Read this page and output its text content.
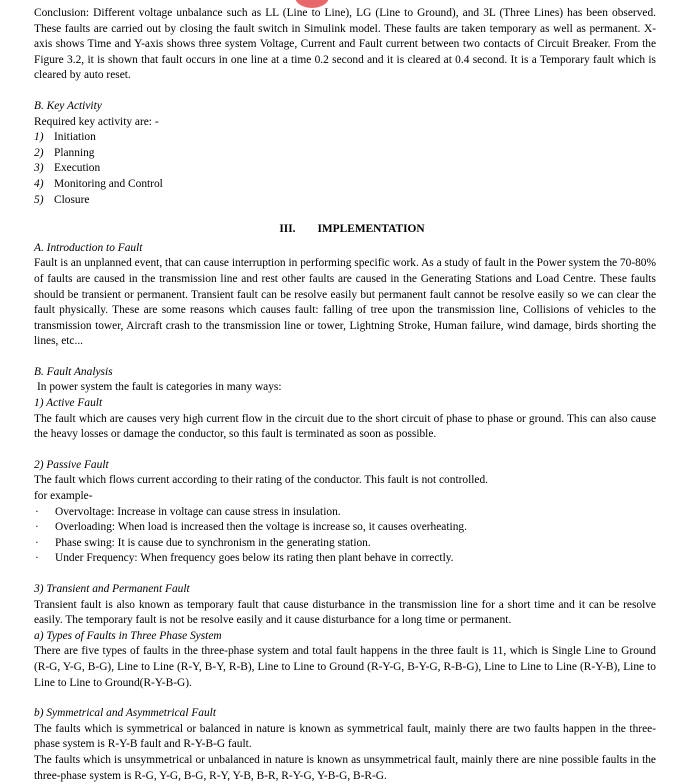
Conclusion: Different voltage unbalance such as LL (Line to Line), LG (Line to Ground), and 3L (Three Lines) has been observed. These faults are carried out by closing the fault switch in Simulink model. These faults are taken temporary as well as permanent. X-axis shows Time and Y-axis shows three system Voltage, Current and Fault current between two contacts of Circuit Breaker. From the Figure 3.2, it is shown that fault occurs in one line at a time 0.2 second and it is cleared at 0.4 second. It is a Temporary fault which is cleared by auto reset.

B. Key Activity

Required key activity are: -

1) Initiation
2) Planning
3) Execution
4) Monitoring and Control
5) Closure

III. IMPLEMENTATION

A. Introduction to Fault

Fault is an unplanned event, that can cause interruption in performing specific work. As a study of fault in the Power system the 70-80% of faults are caused in the transmission line and rest other faults are caused in the Generating Stations and Load Centre. These faults should be transient or permanent. Transient fault can be resolve easily but permanent fault cannot be resolve easily so we can clear the fault physically. These are some reasons which causes fault: falling of tree upon the transmission line, Collisions of vehicles to the transmission tower, Aircraft crash to the transmission line or tower, Lightning Stroke, Human failure, wind damage, birds shorting the lines, etc...

B. Fault Analysis

In power system the fault is categories in many ways:

1) Active Fault

The fault which are causes very high current flow in the circuit due to the short circuit of phase to phase or ground. This can also cause the heavy losses or damage the conductor, so this fault is terminated as soon as possible.

2) Passive Fault

The fault which flows current according to their rating of the conductor. This fault is not controlled.

for example-

·	Overvoltage: Increase in voltage can cause stress in insulation.
·	Overloading: When load is increased then the voltage is increase so, it causes overheating.
·	Phase swing: It is cause due to synchronism in the generating station.
·	Under Frequency: When frequency goes below its rating then plant behave in correctly.

3) Transient and Permanent Fault

Transient fault is also known as temporary fault that cause disturbance in the transmission line for a short time and it can be resolve easily. The temporary fault is not be resolve easily and it cause disturbance for a long time or permanent.

a) Types of Faults in Three Phase System

There are five types of faults in the three-phase system and total fault happens in the three fault is 11, which is Single Line to Ground (R-G, Y-G, B-G), Line to Line (R-Y, B-Y, R-B), Line to Line to Ground (R-Y-G, B-Y-G, R-B-G), Line to Line to Line (R-Y-B), Line to Line to Line to Ground(R-Y-B-G).

b) Symmetrical and Asymmetrical Fault

The faults which is symmetrical or balanced in nature is known as symmetrical fault, mainly there are two faults happen in the three-phase system is R-Y-B fault and R-Y-B-G fault.

The faults which is unsymmetrical or unbalanced in nature is known as unsymmetrical fault, mainly there are nine possible faults in the three-phase system is R-G, Y-G, B-G, R-Y, Y-B, B-R, R-Y-G, Y-B-G, B-R-G.
